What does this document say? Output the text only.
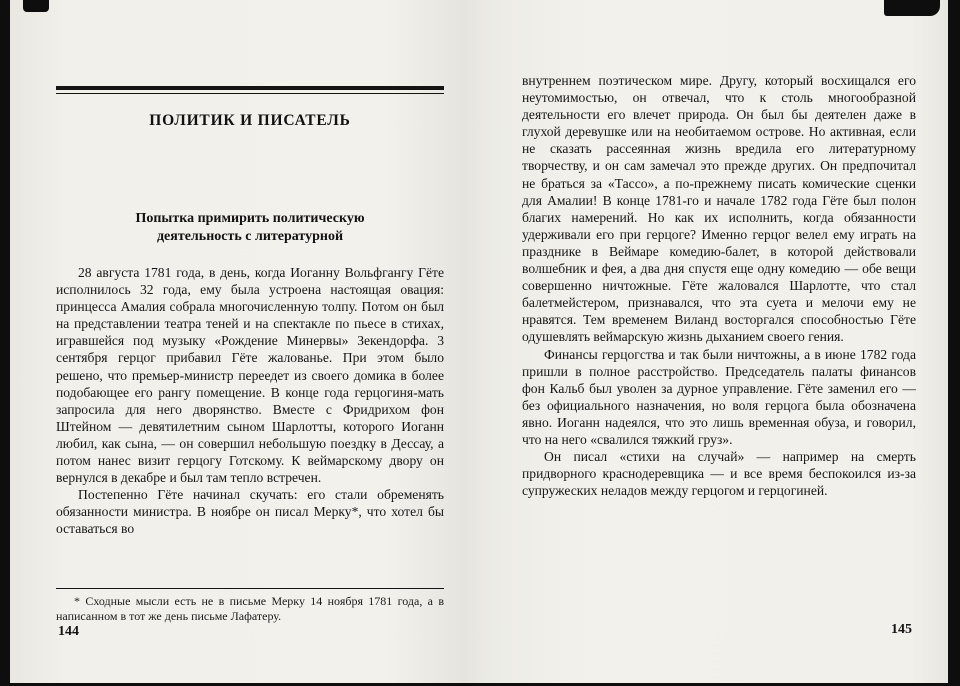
ПОЛИТИК И ПИСАТЕЛЬ
Попытка примирить политическую деятельность с литературной

28 августа 1781 года, в день, когда Иоганну Вольфгангу Гёте исполнилось 32 года, ему была устроена настоящая овация: принцесса Амалия собрала многочисленную толпу. Потом он был на представлении театра теней и на спектакле по пьесе в стихах, игравшейся под музыку «Рождение Минервы» Зекендорфа. 3 сентября герцог прибавил Гёте жалованье. При этом было решено, что премьер-министр переедет из своего домика в более подобающее его рангу помещение. В конце года герцогиня-мать запросила для него дворянство. Вместе с Фридрихом фон Штейном — девятилетним сыном Шарлотты, которого Иоганн любил, как сына, — он совершил небольшую поездку в Дессау, а потом нанес визит герцогу Готскому. К веймарскому двору он вернулся в декабре и был там тепло встречен.

Постепенно Гёте начинал скучать: его стали обременять обязанности министра. В ноябре он писал Мерку*, что хотел бы оставаться во

* Сходные мысли есть не в письме Мерку 14 ноября 1781 года, а в написанном в тот же день письме Лафатеру.

144

внутреннем поэтическом мире. Другу, который восхищался его неутомимостью, он отвечал, что к столь многообразной деятельности его влечет природа. Он был бы деятелен даже в глухой деревушке или на необитаемом острове. Но активная, если не сказать рассеянная жизнь вредила его литературному творчеству, и он сам замечал это прежде других. Он предпочитал не браться за «Тассо», а по-прежнему писать комические сценки для Амалии! В конце 1781-го и начале 1782 года Гёте был полон благих намерений. Но как их исполнить, когда обязанности удерживали его при герцоге? Именно герцог велел ему играть на празднике в Веймаре комедию-балет, в которой действовали волшебник и фея, а два дня спустя еще одну комедию — обе вещи совершенно ничтожные. Гёте жаловался Шарлотте, что стал балетмейстером, признавался, что эта суета и мелочи ему не нравятся. Тем временем Виланд восторгался способностью Гёте одушевлять веймарскую жизнь дыханием своего гения.

Финансы герцогства и так были ничтожны, а в июне 1782 года пришли в полное расстройство. Председатель палаты финансов фон Кальб был уволен за дурное управление. Гёте заменил его — без официального назначения, но воля герцога была обозначена явно. Иоганн надеялся, что это лишь временная обуза, и говорил, что на него «свалился тяжкий груз».

Он писал «стихи на случай» — например на смерть придворного краснодеревщика — и все время беспокоился из-за супружеских неладов между герцогом и герцогиней.

145
